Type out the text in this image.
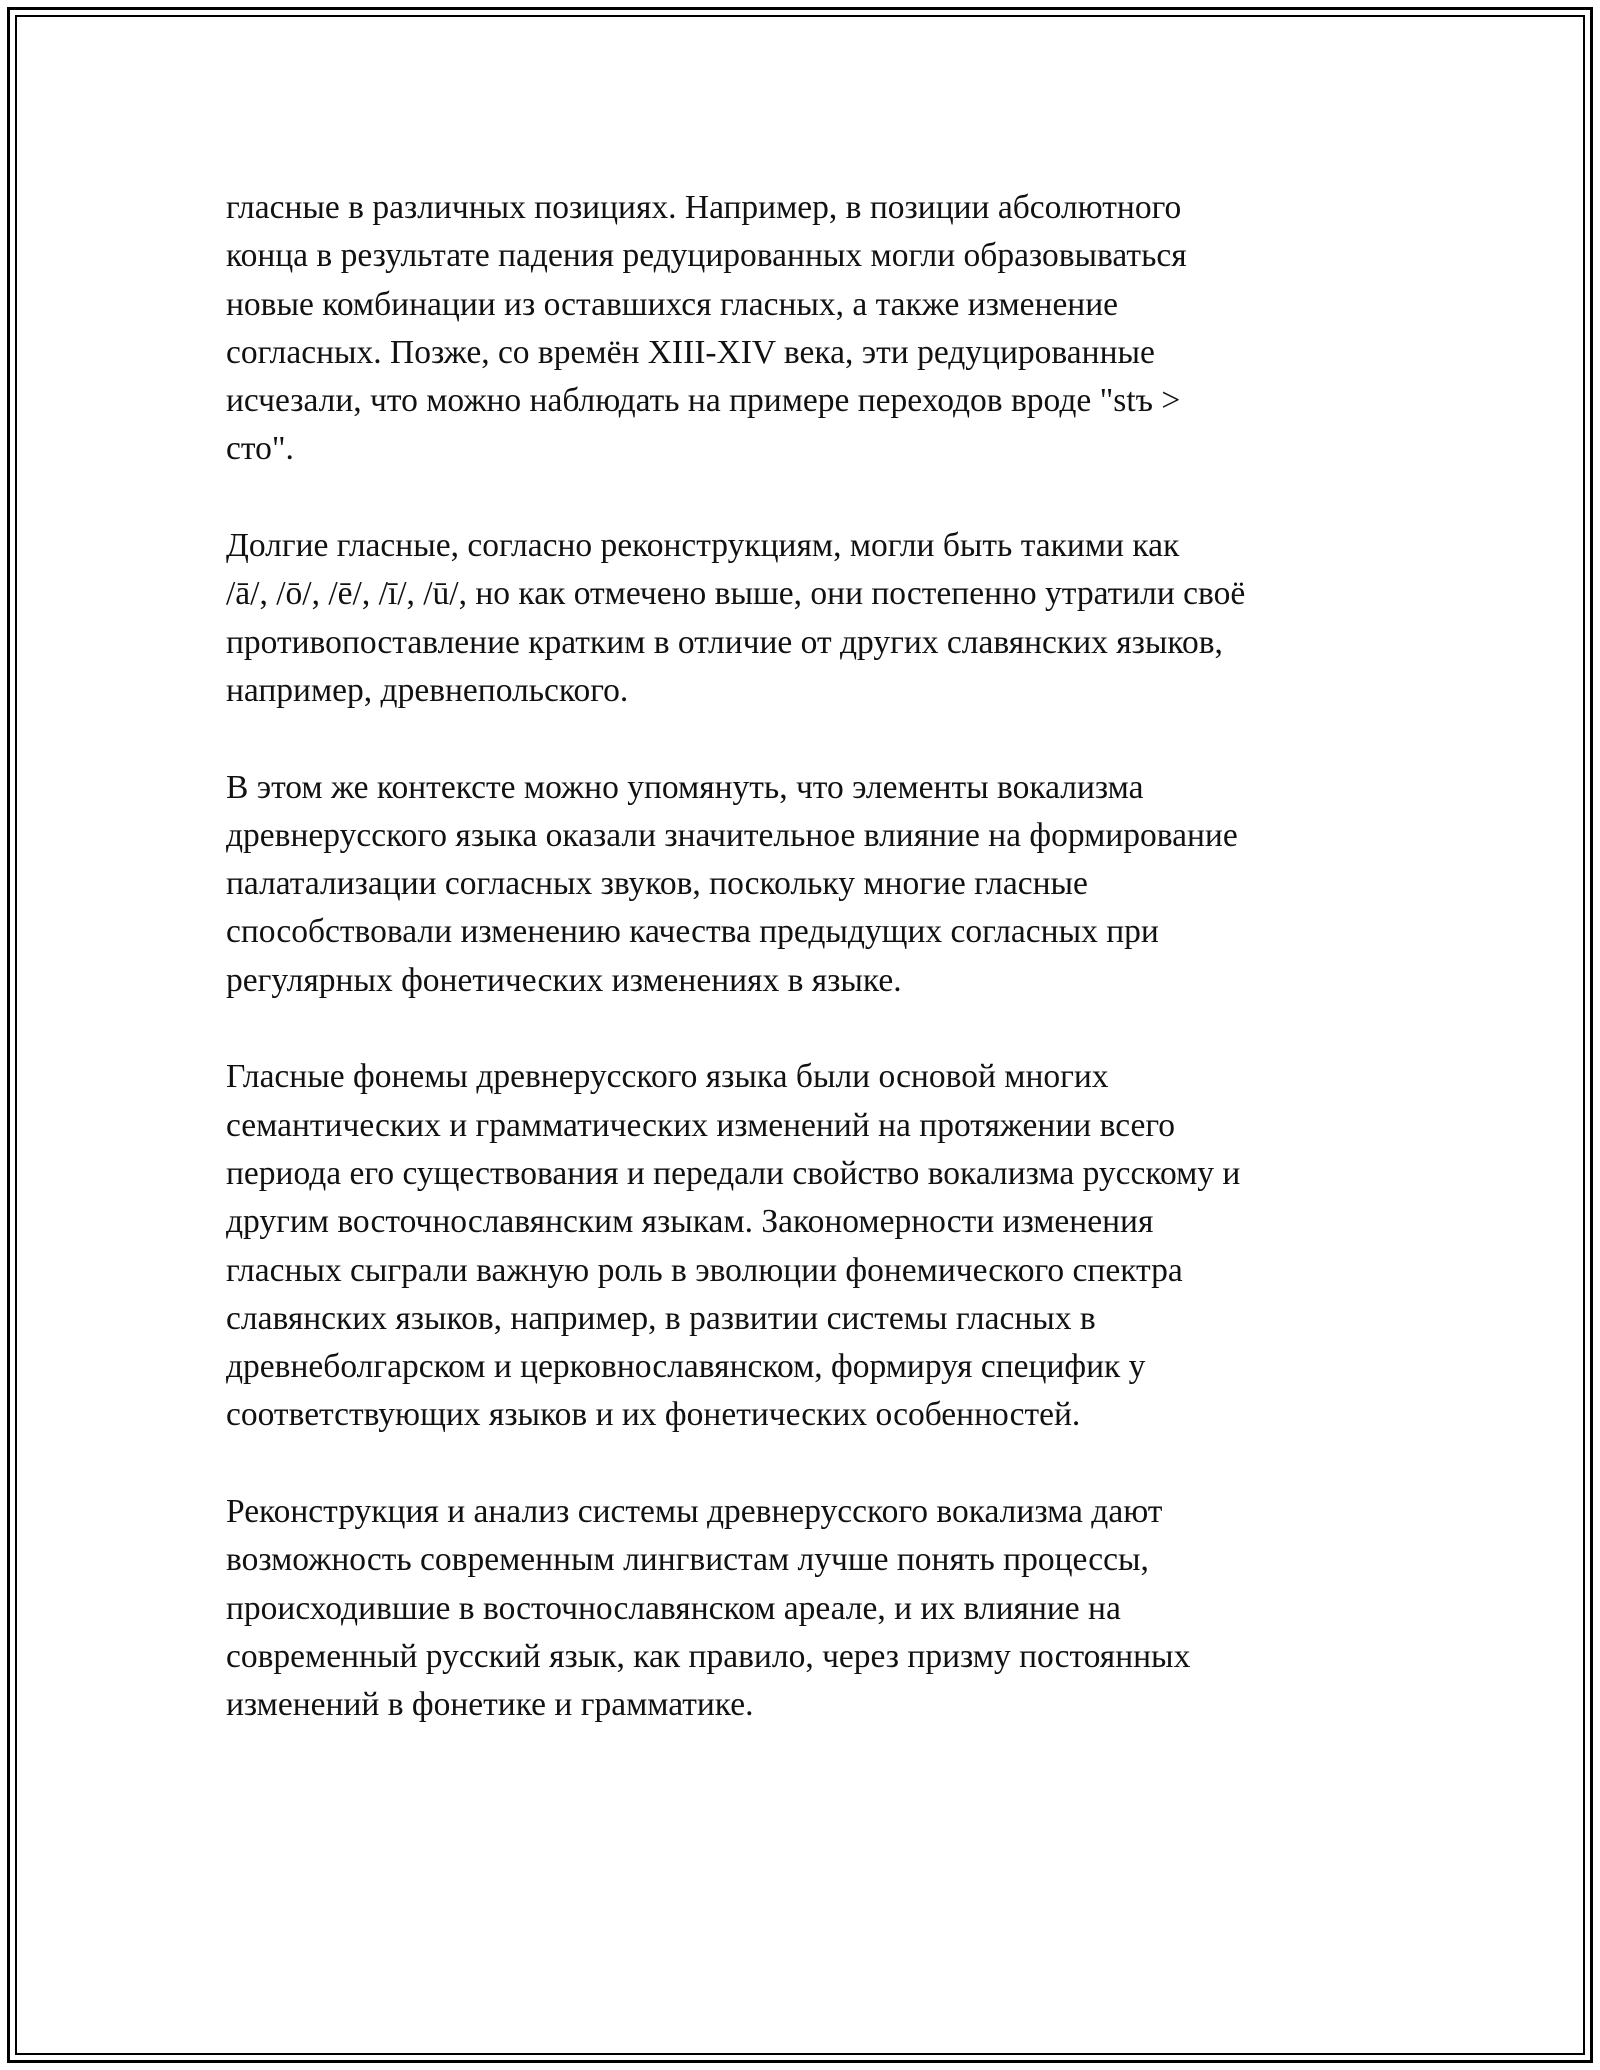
гласные в различных позициях. Например, в позиции абсолютного
конца в результате падения редуцированных могли образовываться
новые комбинации из оставшихся гласных, а также изменение
согласных. Позже, со времён XIII-XIV века, эти редуцированные
исчезали, что можно наблюдать на примере переходов вроде "stъ >
сто".

Долгие гласные, согласно реконструкциям, могли быть такими как
/ā/, /ō/, /ē/, /ī/, /ū/, но как отмечено выше, они постепенно утратили своё
противопоставление кратким в отличие от других славянских языков,
например, древнепольского.

В этом же контексте можно упомянуть, что элементы вокализма
древнерусского языка оказали значительное влияние на формирование
палатализации согласных звуков, поскольку многие гласные
способствовали изменению качества предыдущих согласных при
регулярных фонетических изменениях в языке.

Гласные фонемы древнерусского языка были основой многих
семантических и грамматических изменений на протяжении всего
периода его существования и передали свойство вокализма русскому и
другим восточнославянским языкам. Закономерности изменения
гласных сыграли важную роль в эволюции фонемического спектра
славянских языков, например, в развитии системы гласных в
древнеболгарском и церковнославянском, формируя специфик у
соответствующих языков и их фонетических особенностей.

Реконструкция и анализ системы древнерусского вокализма дают
возможность современным лингвистам лучше понять процессы,
происходившие в восточнославянском ареале, и их влияние на
современный русский язык, как правило, через призму постоянных
изменений в фонетике и грамматике.
